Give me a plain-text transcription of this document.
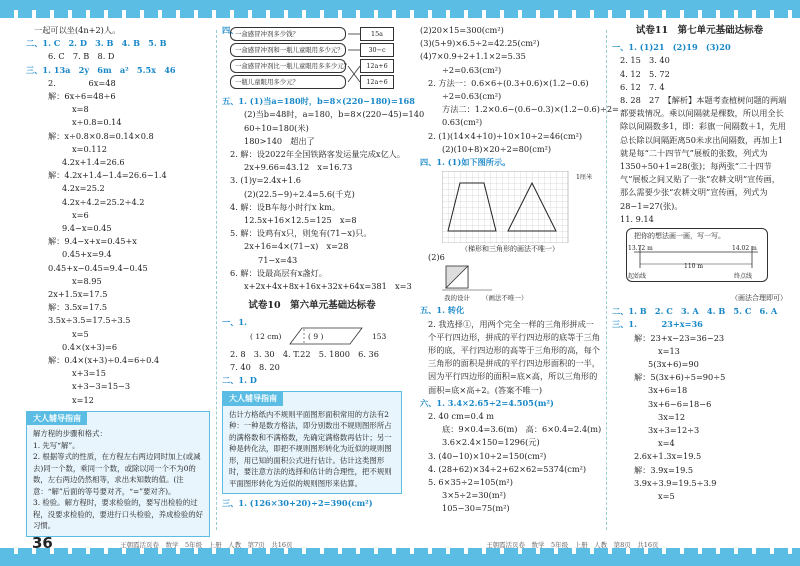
一起可以坐(4n+2)人。
二、1. C　2. D　3. B　4. B　5. B
6. C　7. B　8. D
三、1. 13a　2y　6m　a²　5.5x　46
2.　　　　6x=48
解：6x÷6=48÷6
x=8
x÷0.8=0.14
解：x÷0.8×0.8=0.14×0.8
x=0.112
4.2x+1.4=26.6
解：4.2x+1.4−1.4=26.6−1.4
4.2x=25.2
4.2x÷4.2=25.2÷4.2
x=6
9.4−x=0.45
解：9.4−x+x=0.45+x
0.45+x=9.4
0.45+x−0.45=9.4−0.45
x=8.95
2x+1.5x=17.5
解：3.5x=17.5
3.5x÷3.5=17.5÷3.5
x=5
0.4×(x+3)=6
解：0.4×(x+3)÷0.4=6÷0.4
x+3=15
x+3−3=15−3
x=12
大人辅导指南
解方程的步骤和格式：
1. 先写“解”。
2. 根据等式的性质，在方程左右两边同时加上(或减去)同一个数，乘同一个数，或除以同一个不为0的数，左右两边仍然相等，求出未知数的值。(注意：“解”后面的等号要对齐，“=”要对齐)。
3. 检验。解方程时，要求检验的，要写出检验的过程，没要求检验的，要进行口头检验，养成检验的好习惯。
四、
一盒感冒冲剂多少钱？	15a
一盒感冒冲剂和一瓶儿童眼用多少元？	30−c
一盒感冒冲剂比一瓶儿童眼用多多少元？	12a+6
一瓶儿童眼用多少元？	12a÷6
五、1. (1)当a=180时，b=8×(220−180)=168
(2)当b=48时，a=180，b=8×(220−45)=140
60÷10=180(米)
180>140　超出了
2. 解：设2022年全国铁路客发运量完成x亿人。
2x+9.66=43.12　x=16.73
3. (1)y=2.4x+1.6
(2)(22.5−9)÷2.4=5.6(千克)
4. 解：设B车每小时行x km。
12.5x+16×12.5=125　x=8
5. 解：设鸡有x只，则兔有(71−x)只。
2x+16=4×(71−x)　x=28
71−x=43
6. 解：设最高层有x盏灯。
x+2x+4x+8x+16x+32x+64x=381　x=3
试卷10　第六单元基础达标卷
一、1.
( 12 cm)	( 9 )	153
2. 8　3. 30　4. T.22　5. 1800　6. 36
7. 40　8. 20
二、1. D
大人辅导指南
估计方格纸内不规则平面图形面积常用的方法有2种：一种是数方格法，即分别数出不规则图形所占的满格数和不满格数，先确定满格数再估计；另一种是转化法，即把不规则图形转化为近似的规则图形，用已知的面积公式进行估计。估计这类图形时，要注意方法的选择和估计的合理性，把不规则平面图形转化为近似的规则图形来估算。
三、1. (126×30+20)÷2=390(cm²)
(2)20×15=300(cm²)
(3)(5+9)×6.5÷2=42.25(cm²)
(4)7×0.9÷2+1.1×2=5.35
÷2=0.63(cm²)
2. 方法一：0.6×6÷(0.3+0.6)×(1.2−0.6)
÷2=0.63(cm²)
方法二：1.2×0.6−(0.6−0.3)×(1.2−0.6)÷2=
0.63(cm²)
2. (1)(14×4+10)÷10×10÷2=46(cm²)
(2)(10+8)×20÷2=80(cm²)
四、1. (1)如下图所示。
1厘米
（梯形和三角形的画法不唯一）
(2)6
我的设计 （画法不唯一）
五、1. 转化
2. 我选择①，用两个完全一样的三角形拼成一个平行四边形，拼成的平行四边形的底等于三角形的底，平行四边形的高等于三角形的高，每个三角形的面积是拼成的平行四边形面积的一半，因为平行四边形的面积=底×高，所以三角形的面积=底×高÷2。(答案不唯一)
六、1. 3.4×2.65÷2=4.505(m²)
2. 40 cm=0.4 m
底：9×0.4=3.6(m)　高：6×0.4=2.4(m)
3.6×2.4×150=1296(元)
3. (40−10)×10÷2=150(cm²)
4. (28+62)×34÷2+62×62=5374(cm²)
5. 6×35÷2=105(m²)
3×5÷2=30(m²)
105−30=75(m²)
试卷11　第七单元基础达标卷
一、1. (1)21　(2)19　(3)20
2. 15　3. 40
4. 12　5. 72
6. 12　7. 4
8. 28　27　【解析】本题考查植树问题的两端都要栽情况。乘以间隔就是棵数，所以用全长除以间隔数多1，即：彩旗一间隔数＋1，先用总长除以间隔距离50米求出间隔数，再加上1就是每“二十四节气”展板的张数，列式为1350÷50+1=28(张)；每两张“二十四节气”展板之间又贴了一张“农耕文明”宣传画，那么需要少张“农耕文明”宣传画，列式为28−1=27(张)。
11. 9.14
把你的想法画一画，写一写。
13.72 m	14.02 m
110 m
起始线	终点线
（画法合理即可）
二、1. B　2. C　3. A　4. B　5. C　6. A
三、1.　　　23+x=36
解：23+x−23=36−23
x=13
5(3x+6)=90
解：5(3x+6)÷5=90÷5
3x+6=18
3x+6−6=18−6
3x=12
3x÷3=12÷3
x=4
2.6x+1.3x=19.5
解：3.9x=19.5
3.9x÷3.9=19.5÷3.9
x=5
36	王朝霞活页卷　数学　5年级　上册　人教　第7页　共16页	王朝霞活页卷　数学　5年级　上册　人教　第8页　共16页
